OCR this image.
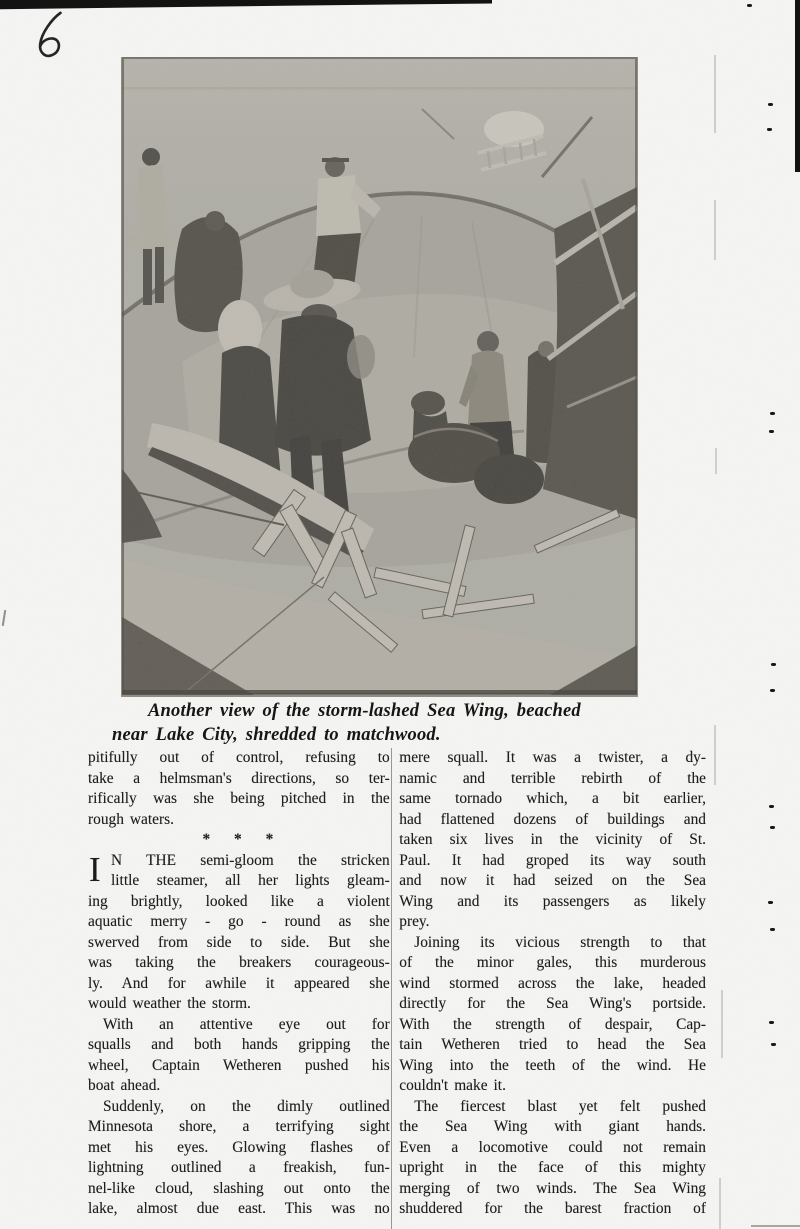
Another view of the storm-lashed Sea Wing, beached
near Lake City, shredded to matchwood.
pitifully out of control, refusing to
take a helmsman's directions, so ter-
rifically was she being pitched in the
rough waters.
* * *
I N THE semi-gloom the stricken
little steamer, all her lights gleam-
ing brightly, looked like a violent
aquatic merry - go - round as she
swerved from side to side. But she
was taking the breakers courageous-
ly. And for awhile it appeared she
would weather the storm.
With an attentive eye out for
squalls and both hands gripping the
wheel, Captain Wetheren pushed his
boat ahead.
Suddenly, on the dimly outlined
Minnesota shore, a terrifying sight
met his eyes. Glowing flashes of
lightning outlined a freakish, fun-
nel-like cloud, slashing out onto the
lake, almost due east. This was no
mere squall. It was a twister, a dy-
namic and terrible rebirth of the
same tornado which, a bit earlier,
had flattened dozens of buildings and
taken six lives in the vicinity of St.
Paul. It had groped its way south
and now it had seized on the Sea
Wing and its passengers as likely
prey.
Joining its vicious strength to that
of the minor gales, this murderous
wind stormed across the lake, headed
directly for the Sea Wing's portside.
With the strength of despair, Cap-
tain Wetheren tried to head the Sea
Wing into the teeth of the wind. He
couldn't make it.
The fiercest blast yet felt pushed
the Sea Wing with giant hands.
Even a locomotive could not remain
upright in the face of this mighty
merging of two winds. The Sea Wing
shuddered for the barest fraction of
